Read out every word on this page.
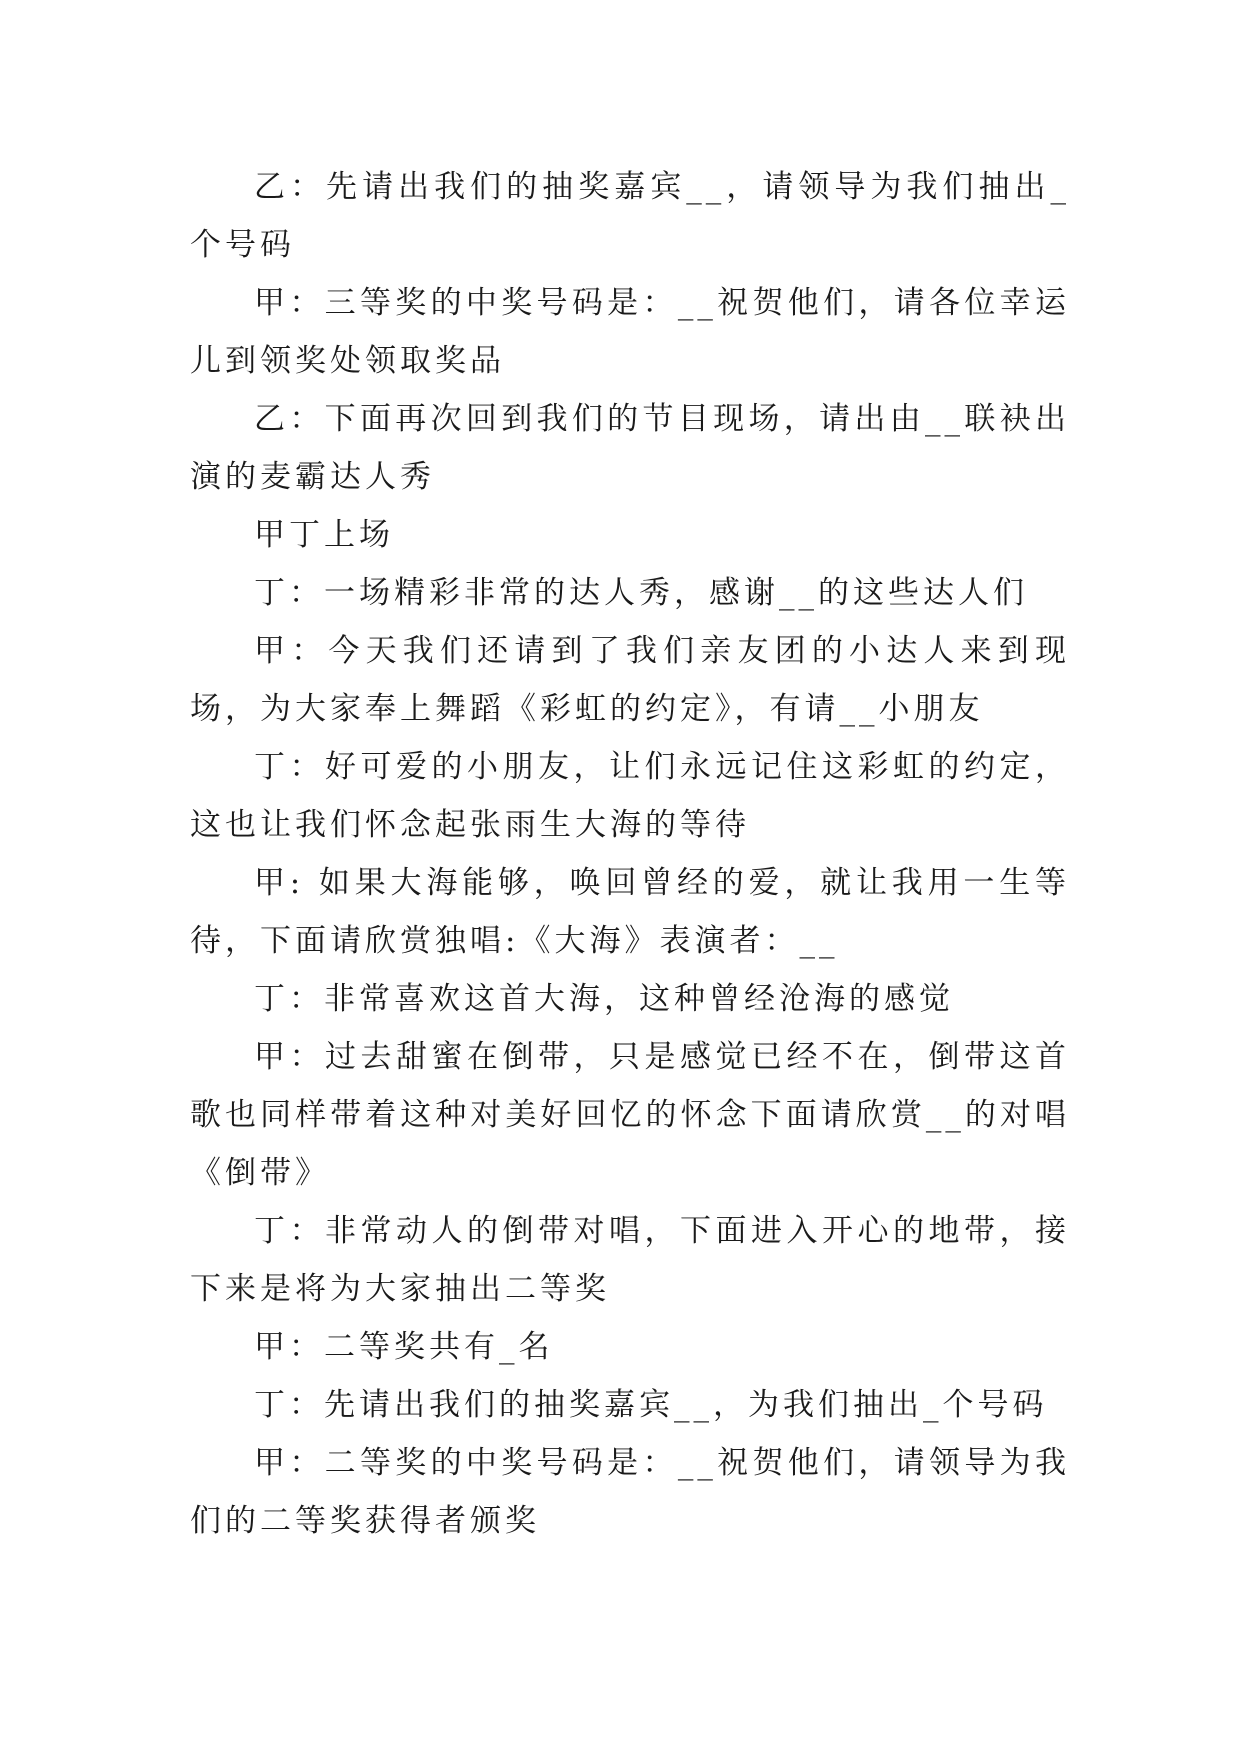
乙：先请出我们的抽奖嘉宾__，请领导为我们抽出_个号码

甲：三等奖的中奖号码是：__祝贺他们，请各位幸运儿到领奖处领取奖品

乙：下面再次回到我们的节目现场，请出由__联袂出演的麦霸达人秀

甲丁上场

丁：一场精彩非常的达人秀，感谢__的这些达人们

甲：今天我们还请到了我们亲友团的小达人来到现场，为大家奉上舞蹈《彩虹的约定》，有请__小朋友

丁：好可爱的小朋友，让们永远记住这彩虹的约定，这也让我们怀念起张雨生大海的等待

甲: 如果大海能够，唤回曾经的爱，就让我用一生等待，下面请欣赏独唱:《大海》表演者：__

丁：非常喜欢这首大海，这种曾经沧海的感觉

甲：过去甜蜜在倒带，只是感觉已经不在，倒带这首歌也同样带着这种对美好回忆的怀念下面请欣赏__的对唱《倒带》

丁：非常动人的倒带对唱，下面进入开心的地带，接下来是将为大家抽出二等奖

甲：二等奖共有_名

丁：先请出我们的抽奖嘉宾__，为我们抽出_个号码

甲：二等奖的中奖号码是：__祝贺他们，请领导为我们的二等奖获得者颁奖
